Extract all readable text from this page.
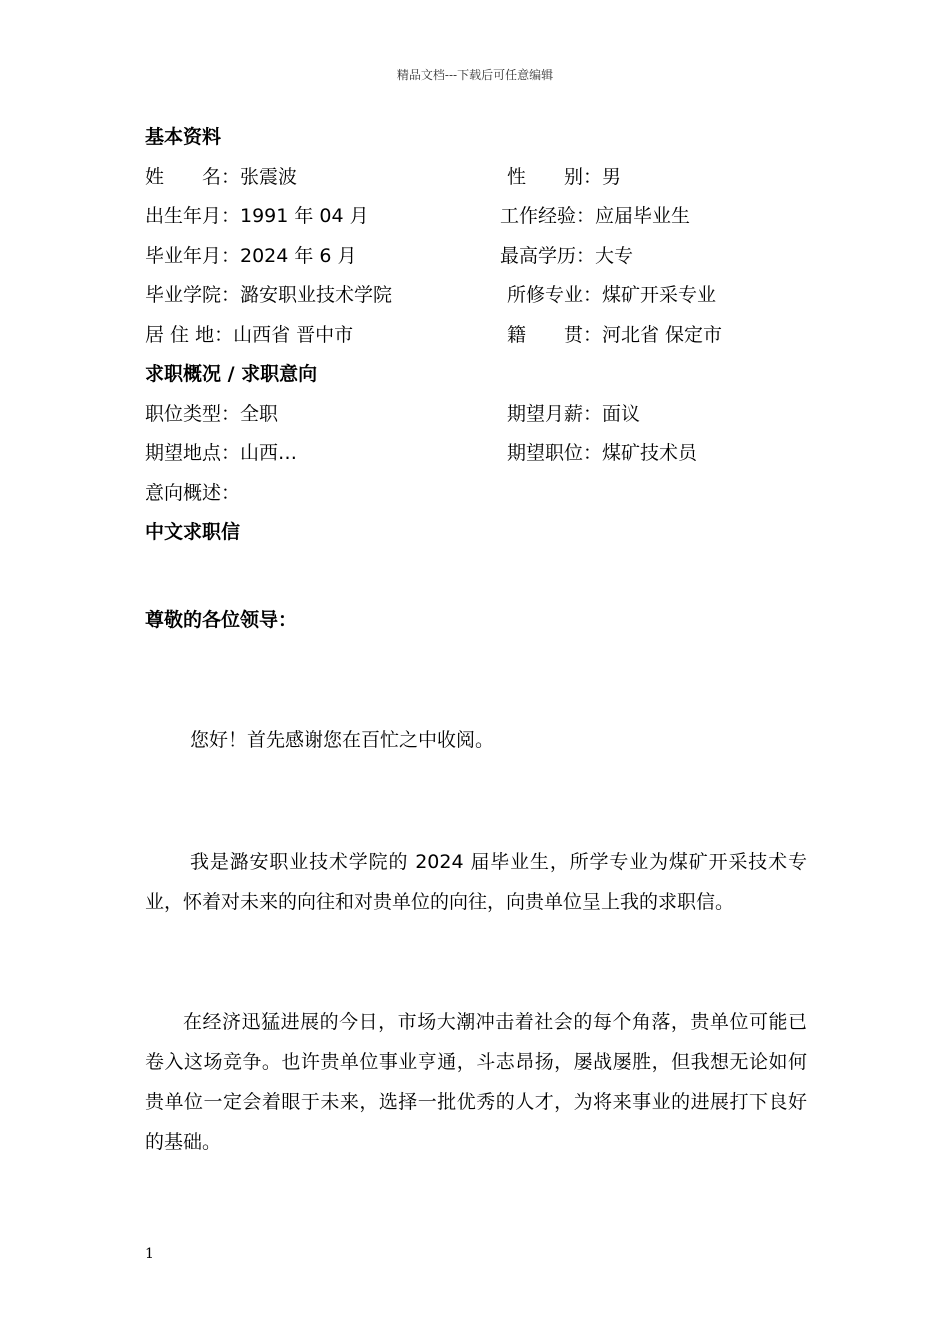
精品文档---下载后可任意编辑
基本资料
姓　　名：张震波	性　　别：男
出生年月：1991 年 04 月	工作经验：应届毕业生
毕业年月：2024 年 6 月	最高学历：大专
毕业学院：潞安职业技术学院	所修专业：煤矿开采专业
居 住 地：山西省 晋中市	籍　　贯：河北省 保定市
求职概况 / 求职意向
职位类型：全职	期望月薪：面议
期望地点：山西…	期望职位：煤矿技术员
意向概述：
中文求职信
尊敬的各位领导：
您好！首先感谢您在百忙之中收阅。
我是潞安职业技术学院的 2024 届毕业生，所学专业为煤矿开采技术专业，怀着对未来的向往和对贵单位的向往，向贵单位呈上我的求职信。
在经济迅猛进展的今日，市场大潮冲击着社会的每个角落，贵单位可能已卷入这场竞争。也许贵单位事业亨通，斗志昂扬，屡战屡胜，但我想无论如何贵单位一定会着眼于未来，选择一批优秀的人才，为将来事业的进展打下良好的基础。
1
